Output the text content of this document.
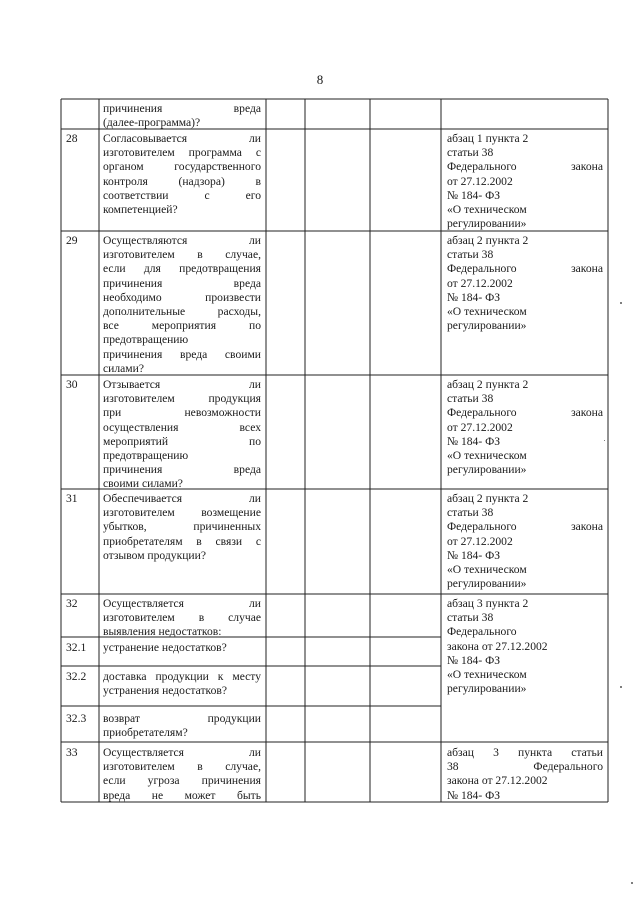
8
причинения вреда
(далее-программа)?
28	Согласовывается ли
изготовителем программа с
органом государственного
контроля (надзора) в
соответствии с его
компетенцией?
абзац 1 пункта 2
статьи 38
Федерального закона
от 27.12.2002
№ 184- ФЗ
«О техническом
регулировании»
29	Осуществляются ли
изготовителем в случае,
если для предотвращения
причинения вреда
необходимо произвести
дополнительные расходы,
все мероприятия по
предотвращению
причинения вреда своими
силами?
абзац 2 пункта 2
статьи 38
Федерального закона
от 27.12.2002
№ 184- ФЗ
«О техническом
регулировании»
30	Отзывается ли
изготовителем продукция
при невозможности
осуществления всех
мероприятий по
предотвращению
причинения вреда
своими силами?
абзац 2 пункта 2
статьи 38
Федерального закона
от 27.12.2002
№ 184- ФЗ
«О техническом
регулировании»
31	Обеспечивается ли
изготовителем возмещение
убытков, причиненных
приобретателям в связи с
отзывом продукции?
абзац 2 пункта 2
статьи 38
Федерального закона
от 27.12.2002
№ 184- ФЗ
«О техническом
регулировании»
32	Осуществляется ли
изготовителем в случае
выявления недостатков:
абзац 3 пункта 2
статьи 38
Федерального
закона от 27.12.2002
№ 184- ФЗ
«О техническом
регулировании»
32.1	устранение недостатков?
32.2	доставка продукции к месту
устранения недостатков?
32.3	возврат продукции
приобретателям?
33	Осуществляется ли
изготовителем в случае,
если угроза причинения
вреда не может быть
абзац 3 пункта статьи
38 Федерального
закона от 27.12.2002
№ 184- ФЗ
